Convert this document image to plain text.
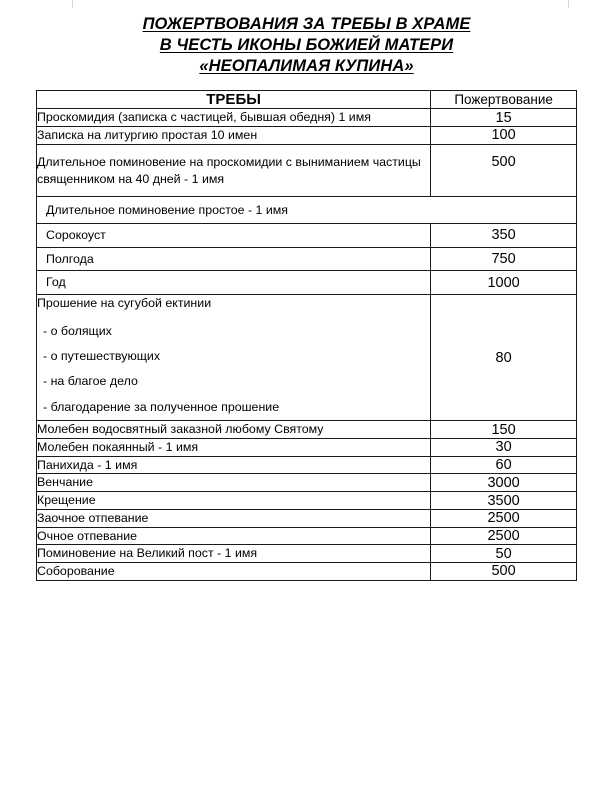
ПОЖЕРТВОВАНИЯ ЗА ТРЕБЫ В ХРАМЕ
В ЧЕСТЬ ИКОНЫ БОЖИЕЙ МАТЕРИ
«НЕОПАЛИМАЯ КУПИНА»
ТРЕБЫ	Пожертвование
Проскомидия (записка с частицей, бывшая обедня) 1 имя	15
Записка на литургию простая 10 имен	100
Длительное поминовение на проскомидии с выниманием частицы священником на 40 дней - 1 имя	500
Длительное поминовение простое - 1 имя	
Сорокоуст	350
Полгода	750
Год	1000

Прошение на сугубой ектинии
- о болящих
- о путешествующих
- на благое дело
- благодарение за полученное прошение	80
Молебен водосвятный заказной любому Святому	150
Молебен покаянный - 1 имя	30
Панихида - 1 имя	60
Венчание	3000
Крещение	3500
Заочное отпевание	2500
Очное отпевание	2500
Поминовение на Великий пост - 1 имя	50
Соборование	500
